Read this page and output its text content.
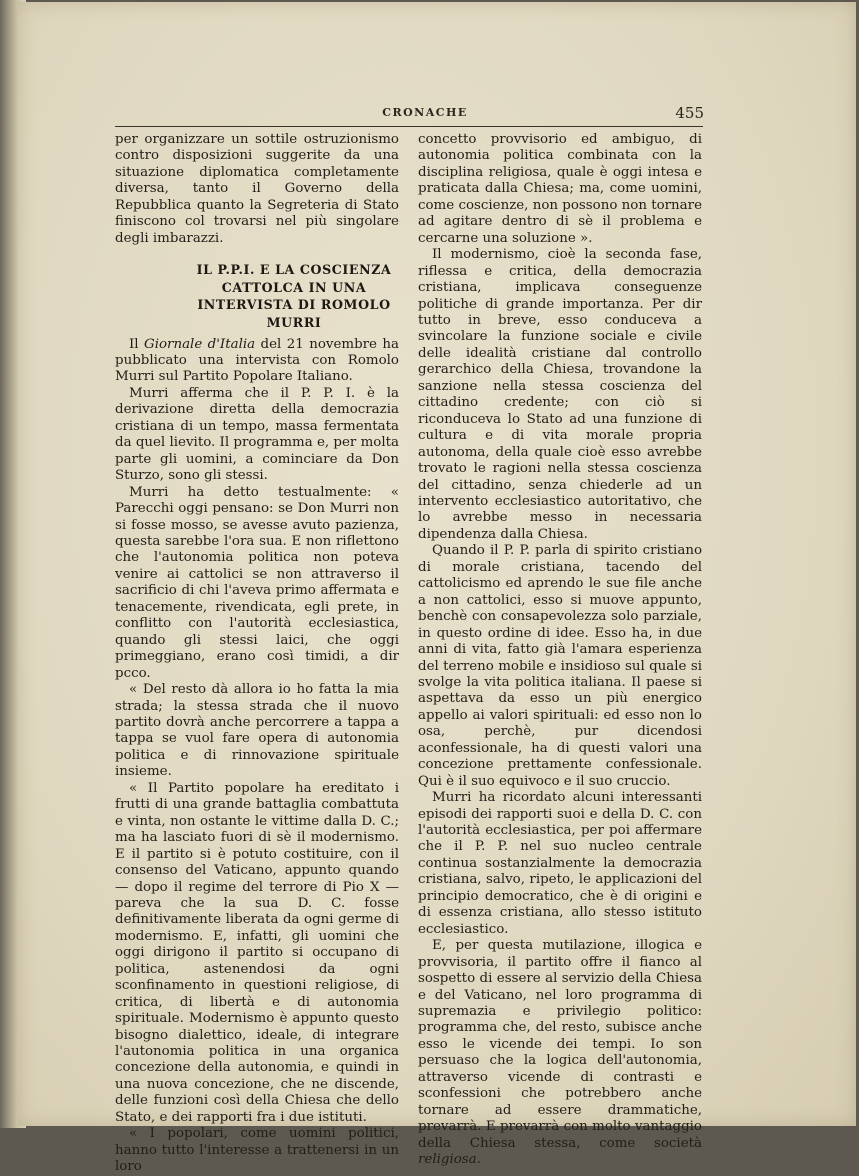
CRONACHE	455

per organizzare un sottile ostruzionismo contro disposizioni suggerite da una situazione diplomatica completamente diversa, tanto il Governo della Repubblica quanto la Segreteria di Stato finiscono col trovarsi nel più singolare degli imbarazzi.

IL P.P.I. E LA COSCIENZA CATTOLCA IN UNA INTERVISTA DI ROMOLO MURRI

Il Giornale d'Italia del 21 novembre ha pubblicato una intervista con Romolo Murri sul Partito Popolare Italiano.

Murri afferma che il P. P. I. è la derivazione diretta della democrazia cristiana di un tempo, massa fermentata da quel lievito. Il programma e, per molta parte gli uomini, a cominciare da Don Sturzo, sono gli stessi.

Murri ha detto testualmente: « Parecchi oggi pensano: se Don Murri non si fosse mosso, se avesse avuto pazienza, questa sarebbe l'ora sua. E non riflettono che l'autonomia politica non poteva venire ai cattolici se non attraverso il sacrificio di chi l'aveva primo affermata e tenacemente, rivendicata, egli prete, in conflitto con l'autorità ecclesiastica, quando gli stessi laici, che oggi primeggiano, erano così timidi, a dir pcco.

« Del resto dà allora io ho fatta la mia strada; la stessa strada che il nuovo partito dovrà anche percorrere a tappa a tappa se vuol fare opera di autonomia politica e di rinnovazione spirituale insieme.

« Il Partito popolare ha ereditato i frutti di una grande battaglia combattuta e vinta, non ostante le vittime dalla D. C.; ma ha lasciato fuori di sè il modernismo. E il partito si è potuto costituire, con il consenso del Vaticano, appunto quando — dopo il regime del terrore di Pio X — pareva che la sua D. C. fosse definitivamente liberata da ogni germe di modernismo. E, infatti, gli uomini che oggi dirigono il partito si occupano di politica, astenendosi da ogni sconfinamento in questioni religiose, di critica, di libertà e di autonomia spirituale. Modernismo è appunto questo bisogno dialettico, ideale, di integrare l'autonomia politica in una organica concezione della autonomia, e quindi in una nuova concezione, che ne discende, delle funzioni così della Chiesa che dello Stato, e dei rapporti fra i due istituti.

« I popolari, come uomini politici, hanno tutto l'interesse a trattenersi in un loro

concetto provvisorio ed ambiguo, di autonomia politica combinata con la disciplina religiosa, quale è oggi intesa e praticata dalla Chiesa; ma, come uomini, come coscienze, non possono non tornare ad agitare dentro di sè il problema e cercarne una soluzione ».

Il modernismo, cioè la seconda fase, riflessa e critica, della democrazia cristiana, implicava conseguenze politiche di grande importanza. Per dir tutto in breve, esso conduceva a svincolare la funzione sociale e civile delle idealità cristiane dal controllo gerarchico della Chiesa, trovandone la sanzione nella stessa coscienza del cittadino credente; con ciò si riconduceva lo Stato ad una funzione di cultura e di vita morale propria autonoma, della quale cioè esso avrebbe trovato le ragioni nella stessa coscienza del cittadino, senza chiederle ad un intervento ecclesiastico autoritativo, che lo avrebbe messo in necessaria dipendenza dalla Chiesa.

Quando il P. P. parla di spirito cristiano di morale cristiana, tacendo del cattolicismo ed aprendo le sue file anche a non cattolici, esso si muove appunto, benchè con consapevolezza solo parziale, in questo ordine di idee. Esso ha, in due anni di vita, fatto già l'amara esperienza del terreno mobile e insidioso sul quale si svolge la vita politica italiana. Il paese si aspettava da esso un più energico appello ai valori spirituali: ed esso non lo osa, perchè, pur dicendosi aconfessionale, ha di questi valori una concezione prettamente confessionale. Qui è il suo equivoco e il suo cruccio.

Murri ha ricordato alcuni interessanti episodi dei rapporti suoi e della D. C. con l'autorità ecclesiastica, per poi affermare che il P. P. nel suo nucleo centrale continua sostanzialmente la democrazia cristiana, salvo, ripeto, le applicazioni del principio democratico, che è di origini e di essenza cristiana, allo stesso istituto ecclesiastico.

E, per questa mutilazione, illogica e provvisoria, il partito offre il fianco al sospetto di essere al servizio della Chiesa e del Vaticano, nel loro programma di supremazia e privilegio politico: programma che, del resto, subisce anche esso le vicende dei tempi. Io son persuaso che la logica dell'autonomia, attraverso vicende di contrasti e sconfessioni che potrebbero anche tornare ad essere drammatiche, prevarrà. E prevarrà con molto vantaggio della Chiesa stessa, come società religiosa.
